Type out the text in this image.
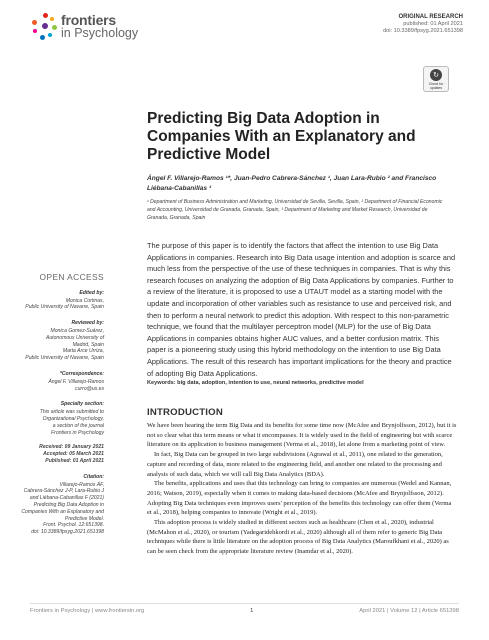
frontiers
in Psychology
ORIGINAL RESEARCH
published: 01 April 2021
doi: 10.3389/fpsyg.2021.651398
↻
Check for updates
Predicting Big Data Adoption in Companies With an Explanatory and Predictive Model
Ángel F. Villarejo-Ramos ¹*, Juan-Pedro Cabrera-Sánchez ¹, Juan Lara-Rubio ² and Francisco Liébana-Cabanillas ³
¹ Department of Business Administration and Marketing, Universidad de Sevilla, Sevilla, Spain, ² Department of Financial Economic and Accounting, Universidad de Granada, Granada, Spain, ³ Department of Marketing and Market Research, Universidad de Granada, Granada, Spain

The purpose of this paper is to identify the factors that affect the intention to use Big Data Applications in companies. Research into Big Data usage intention and adoption is scarce and much less from the perspective of the use of these techniques in companies. That is why this research focuses on analyzing the adoption of Big Data Applications by companies. Further to a review of the literature, it is proposed to use a UTAUT model as a starting model with the update and incorporation of other variables such as resistance to use and perceived risk, and then to perform a neural network to predict this adoption. With respect to this non-parametric technique, we found that the multilayer perceptron model (MLP) for the use of Big Data Applications in companies obtains higher AUC values, and a better confusion matrix. This paper is a pioneering study using this hybrid methodology on the intention to use Big Data Applications. The result of this research has important implications for the theory and practice of adopting Big Data Applications.

Keywords: big data, adoption, intention to use, neural networks, predictive model
OPEN ACCESS
Edited by:
Monica Cortinas,
Public University of Navarre, Spain
Reviewed by:
Monica Gomez-Suárez,
Autonomous University of
Madrid, Spain
Marta Arce Urriza,
Public University of Navarre, Spain
*Correspondence:
Ángel F. Villarejo-Ramos
curro@us.es
Specialty section:
This article was submitted to
Organizational Psychology,
a section of the journal
Frontiers in Psychology
Received: 09 January 2021
Accepted: 05 March 2021
Published: 01 April 2021
Citation:
Villarejo-Ramos ÁF,
Cabrera-Sánchez J-P, Lara-Rubio J
and Liébana-Cabanillas F (2021)
Predicting Big Data Adoption in
Companies With an Explanatory and
Predictive Model.
Front. Psychol. 12:651398.
doi: 10.3389/fpsyg.2021.651398
INTRODUCTION

We have been hearing the term Big Data and its benefits for some time now (McAfee and Brynjolfsson, 2012), but it is not so clear what this term means or what it encompasses. It is widely used in the field of engineering but with scarce literature on its application to business management (Verma et al., 2018), let alone from a marketing point of view.

In fact, Big Data can be grouped in two large subdivisions (Agrawal et al., 2011), one related to the generation, capture and recording of data, more related to the engineering field, and another one related to the processing and analysis of such data, which we will call Big Data Analytics (BDA).

The benefits, applications and uses that this technology can bring to companies are numerous (Wedel and Kannan, 2016; Watson, 2019), especially when it comes to making data-based decisions (McAfee and Brynjolfsson, 2012). Adopting Big Data techniques even improves users' perception of the benefits this technology can offer them (Verma et al., 2018), helping companies to innovate (Wright et al., 2019).

This adoption process is widely studied in different sectors such as healthcare (Chen et al., 2020), industrial (McMahon et al., 2020), or tourism (Yadegaridehkordi et al., 2020) although all of them refer to generic Big Data techniques while there is little literature on the adoption process of Big Data Analytics (Maroufkhani et al., 2020) as can be seen check from the appropriate literature review (Inamdar et al., 2020).

Frontiers in Psychology | www.frontiersin.org	1	April 2021 | Volume 12 | Article 651398
